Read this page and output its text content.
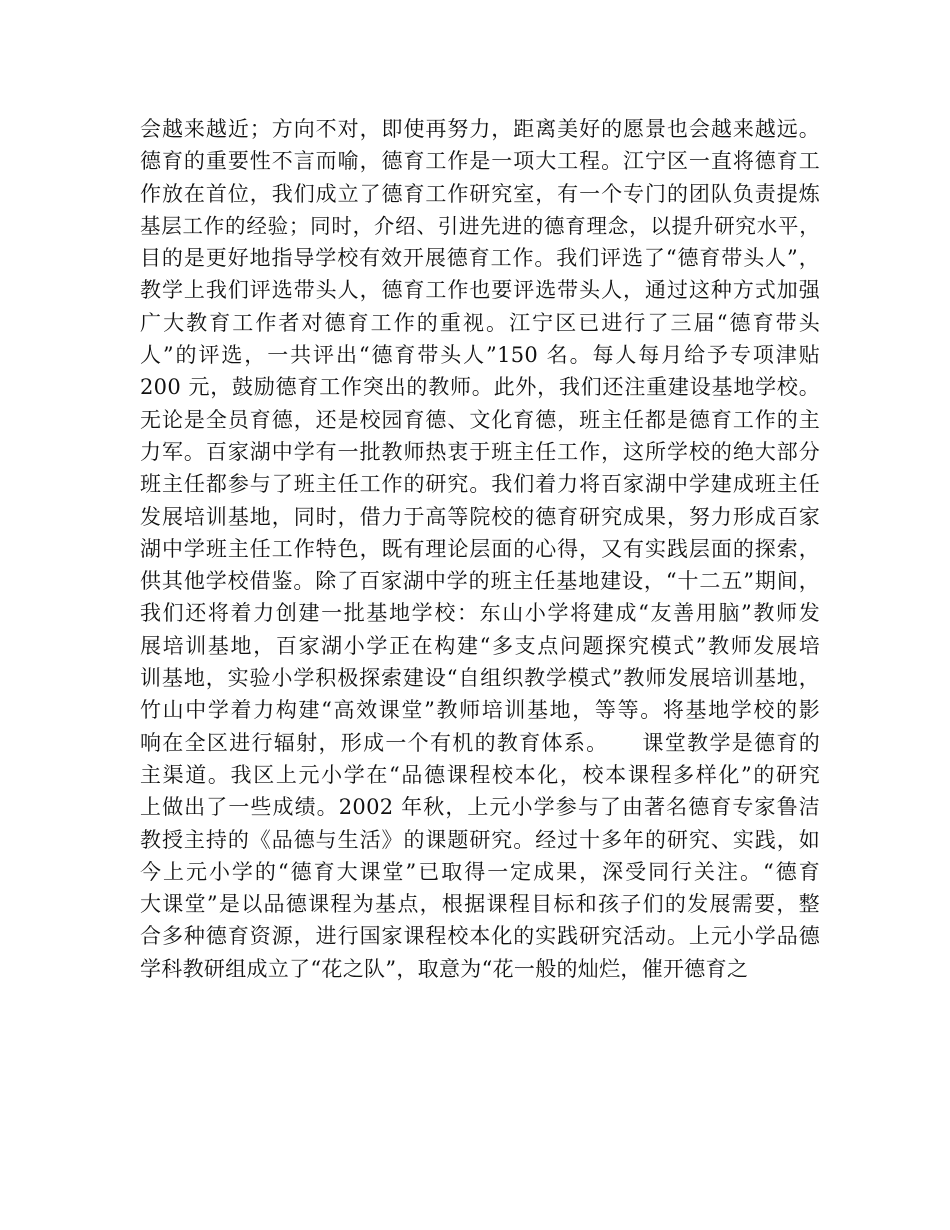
会越来越近；方向不对，即使再努力，距离美好的愿景也会越来越远。
德育的重要性不言而喻，德育工作是一项大工程。江宁区一直将德育工
作放在首位，我们成立了德育工作研究室，有一个专门的团队负责提炼
基层工作的经验；同时，介绍、引进先进的德育理念，以提升研究水平，
目的是更好地指导学校有效开展德育工作。我们评选了“德育带头人”，
教学上我们评选带头人，德育工作也要评选带头人，通过这种方式加强
广大教育工作者对德育工作的重视。江宁区已进行了三届“德育带头
人”的评选，一共评出“德育带头人”150 名。每人每月给予专项津贴
200 元，鼓励德育工作突出的教师。此外，我们还注重建设基地学校。
无论是全员育德，还是校园育德、文化育德，班主任都是德育工作的主
力军。百家湖中学有一批教师热衷于班主任工作，这所学校的绝大部分
班主任都参与了班主任工作的研究。我们着力将百家湖中学建成班主任
发展培训基地，同时，借力于高等院校的德育研究成果，努力形成百家
湖中学班主任工作特色，既有理论层面的心得，又有实践层面的探索，
供其他学校借鉴。除了百家湖中学的班主任基地建设，“十二五”期间，
我们还将着力创建一批基地学校：东山小学将建成“友善用脑”教师发
展培训基地，百家湖小学正在构建“多支点问题探究模式”教师发展培
训基地，实验小学积极探索建设“自组织教学模式”教师发展培训基地，
竹山中学着力构建“高效课堂”教师培训基地，等等。将基地学校的影
响在全区进行辐射，形成一个有机的教育体系。　　课堂教学是德育的
主渠道。我区上元小学在“品德课程校本化，校本课程多样化”的研究
上做出了一些成绩。2002 年秋，上元小学参与了由著名德育专家鲁洁
教授主持的《品德与生活》的课题研究。经过十多年的研究、实践，如
今上元小学的“德育大课堂”已取得一定成果，深受同行关注。“德育
大课堂”是以品德课程为基点，根据课程目标和孩子们的发展需要，整
合多种德育资源，进行国家课程校本化的实践研究活动。上元小学品德
学科教研组成立了“花之队”，取意为“花一般的灿烂，催开德育之
